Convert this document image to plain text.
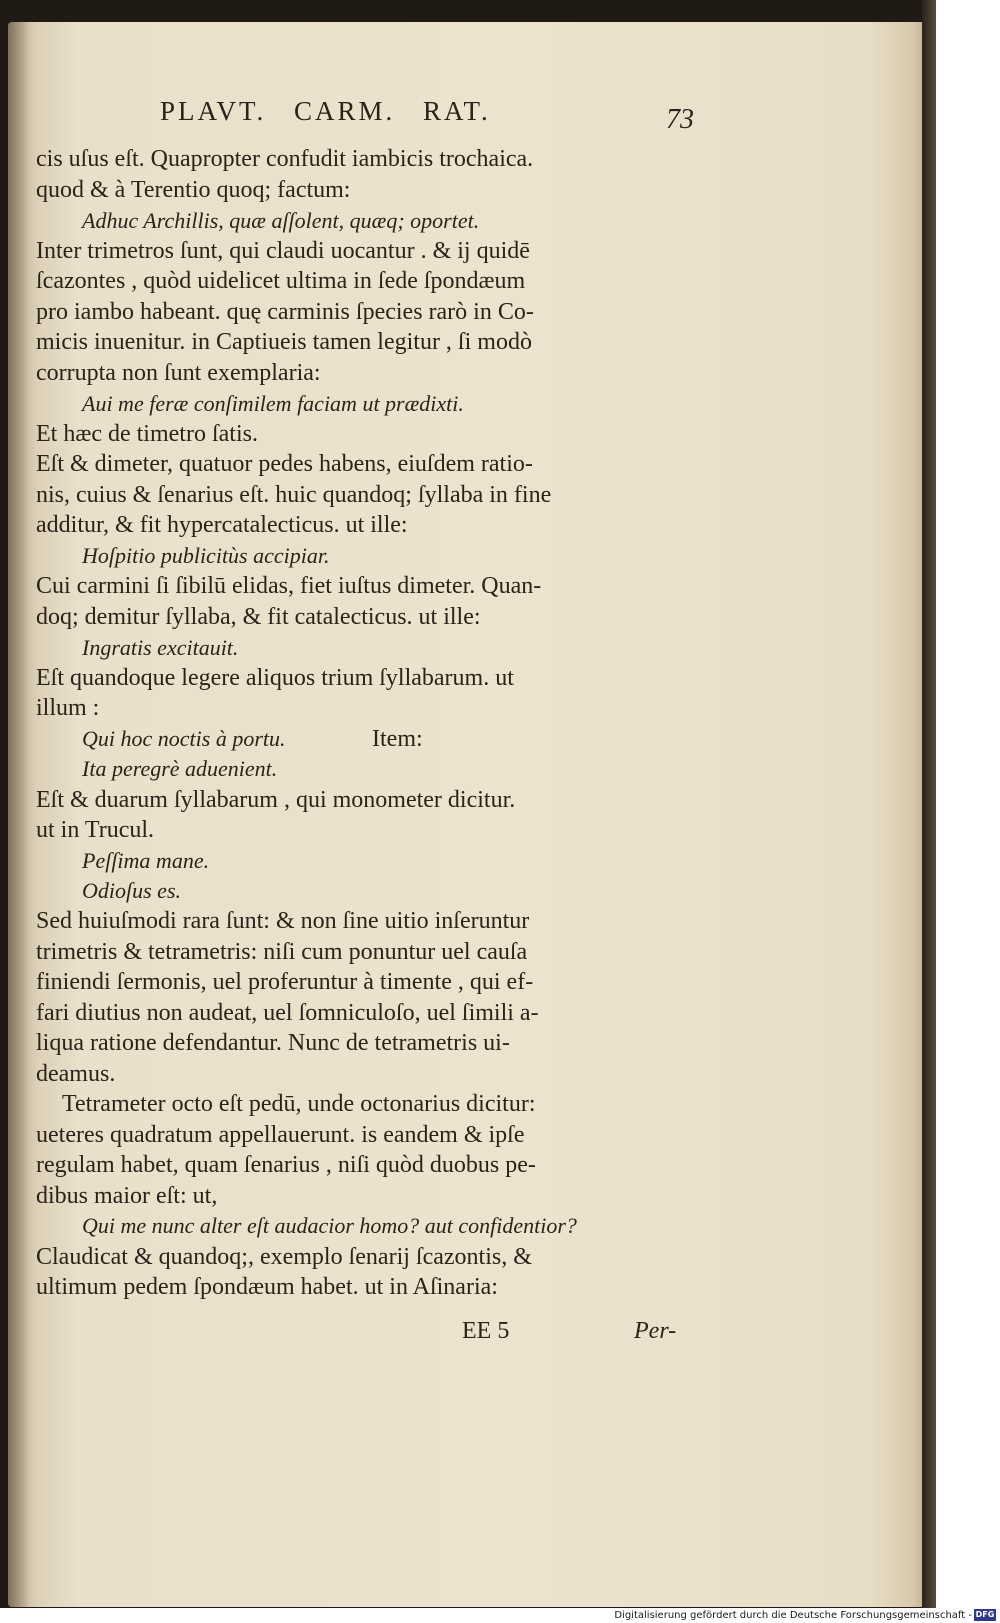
PLAVT. CARM. RAT.	73
cis uſus eſt. Quapropter confudit iambicis trochaica.
quod & à Terentio quoq; factum:
Adhuc Archillis, quæ aſſolent, quæq; oportet.
Inter trimetros ſunt, qui claudi uocantur . & ij quidē
ſcazontes , quòd uidelicet ultima in ſede ſpondæum
pro iambo habeant. quę carminis ſpecies rarò in Co-
micis inuenitur. in Captiueis tamen legitur , ſi modò
corrupta non ſunt exemplaria:
Aui me feræ conſimilem faciam ut prædixti.
Et hæc de timetro ſatis.
Eſt & dimeter, quatuor pedes habens, eiuſdem ratio-
nis, cuius & ſenarius eſt. huic quandoq; ſyllaba in fine
additur, & fit hypercatalecticus. ut ille:
Hoſpitio publicitùs accipiar.
Cui carmini ſi ſibilū elidas, fiet iuſtus dimeter. Quan-
doq; demitur ſyllaba, & fit catalecticus. ut ille:
Ingratis excitauit.
Eſt quandoque legere aliquos trium ſyllabarum. ut
illum :
Qui hoc noctis à portu.	Item:
Ita peregrè aduenient.
Eſt & duarum ſyllabarum , qui monometer dicitur.
ut in Trucul.
Peſſima mane.
Odioſus es.
Sed huiuſmodi rara ſunt: & non ſine uitio inſeruntur
trimetris & tetrametris: niſi cum ponuntur uel cauſa
finiendi ſermonis, uel proferuntur à timente , qui ef-
fari diutius non audeat, uel ſomniculoſo, uel ſimili a-
liqua ratione defendantur. Nunc de tetrametris ui-
deamus.
Tetrameter octo eſt pedū, unde octonarius dicitur:
ueteres quadratum appellauerunt. is eandem & ipſe
regulam habet, quam ſenarius , niſi quòd duobus pe-
dibus maior eſt: ut,
Qui me nunc alter eſt audacior homo? aut confidentior?
Claudicat & quandoq;, exemplo ſenarij ſcazontis, &
ultimum pedem ſpondæum habet. ut in Aſinaria:
EE 5	Per-
Digitalisierung gefördert durch die Deutsche Forschungsgemeinschaft - DFG
